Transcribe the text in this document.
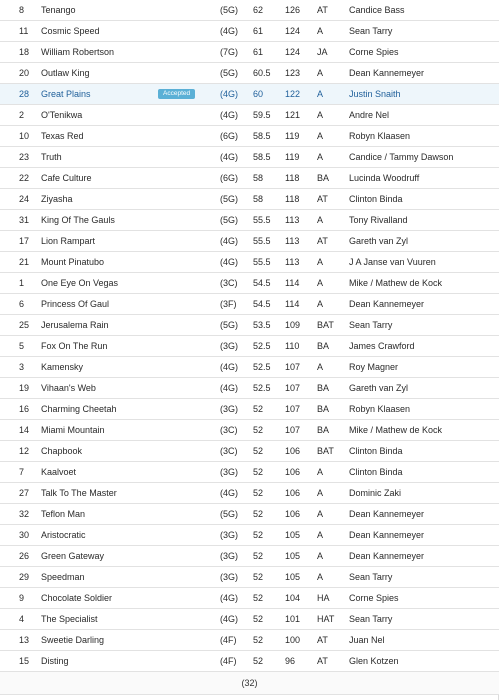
8	Tenango	(5G)	62	126	AT	Candice Bass
11	Cosmic Speed	(4G)	61	124	A	Sean Tarry
18	William Robertson	(7G)	61	124	JA	Corne Spies
20	Outlaw King	(5G)	60.5	123	A	Dean Kannemeyer
28	Great Plains Accepted	(4G)	60	122	A	Justin Snaith
2	O'Tenikwa	(4G)	59.5	121	A	Andre Nel
10	Texas Red	(6G)	58.5	119	A	Robyn Klaasen
23	Truth	(4G)	58.5	119	A	Candice / Tammy Dawson
22	Cafe Culture	(6G)	58	118	BA	Lucinda Woodruff
24	Ziyasha	(5G)	58	118	AT	Clinton Binda
31	King Of The Gauls	(5G)	55.5	113	A	Tony Rivalland
17	Lion Rampart	(4G)	55.5	113	AT	Gareth van Zyl
21	Mount Pinatubo	(4G)	55.5	113	A	J A Janse van Vuuren
1	One Eye On Vegas	(3C)	54.5	114	A	Mike / Mathew de Kock
6	Princess Of Gaul	(3F)	54.5	114	A	Dean Kannemeyer
25	Jerusalema Rain	(5G)	53.5	109	BAT	Sean Tarry
5	Fox On The Run	(3G)	52.5	110	BA	James Crawford
3	Kamensky	(4G)	52.5	107	A	Roy Magner
19	Vihaan's Web	(4G)	52.5	107	BA	Gareth van Zyl
16	Charming Cheetah	(3G)	52	107	BA	Robyn Klaasen
14	Miami Mountain	(3C)	52	107	BA	Mike / Mathew de Kock
12	Chapbook	(3C)	52	106	BAT	Clinton Binda
7	Kaalvoet	(3G)	52	106	A	Clinton Binda
27	Talk To The Master	(4G)	52	106	A	Dominic Zaki
32	Teflon Man	(5G)	52	106	A	Dean Kannemeyer
30	Aristocratic	(3G)	52	105	A	Dean Kannemeyer
26	Green Gateway	(3G)	52	105	A	Dean Kannemeyer
29	Speedman	(3G)	52	105	A	Sean Tarry
9	Chocolate Soldier	(4G)	52	104	HA	Corne Spies
4	The Specialist	(4G)	52	101	HAT	Sean Tarry
13	Sweetie Darling	(4F)	52	100	AT	Juan Nel
15	Disting	(4F)	52	96	AT	Glen Kotzen
(32)						
